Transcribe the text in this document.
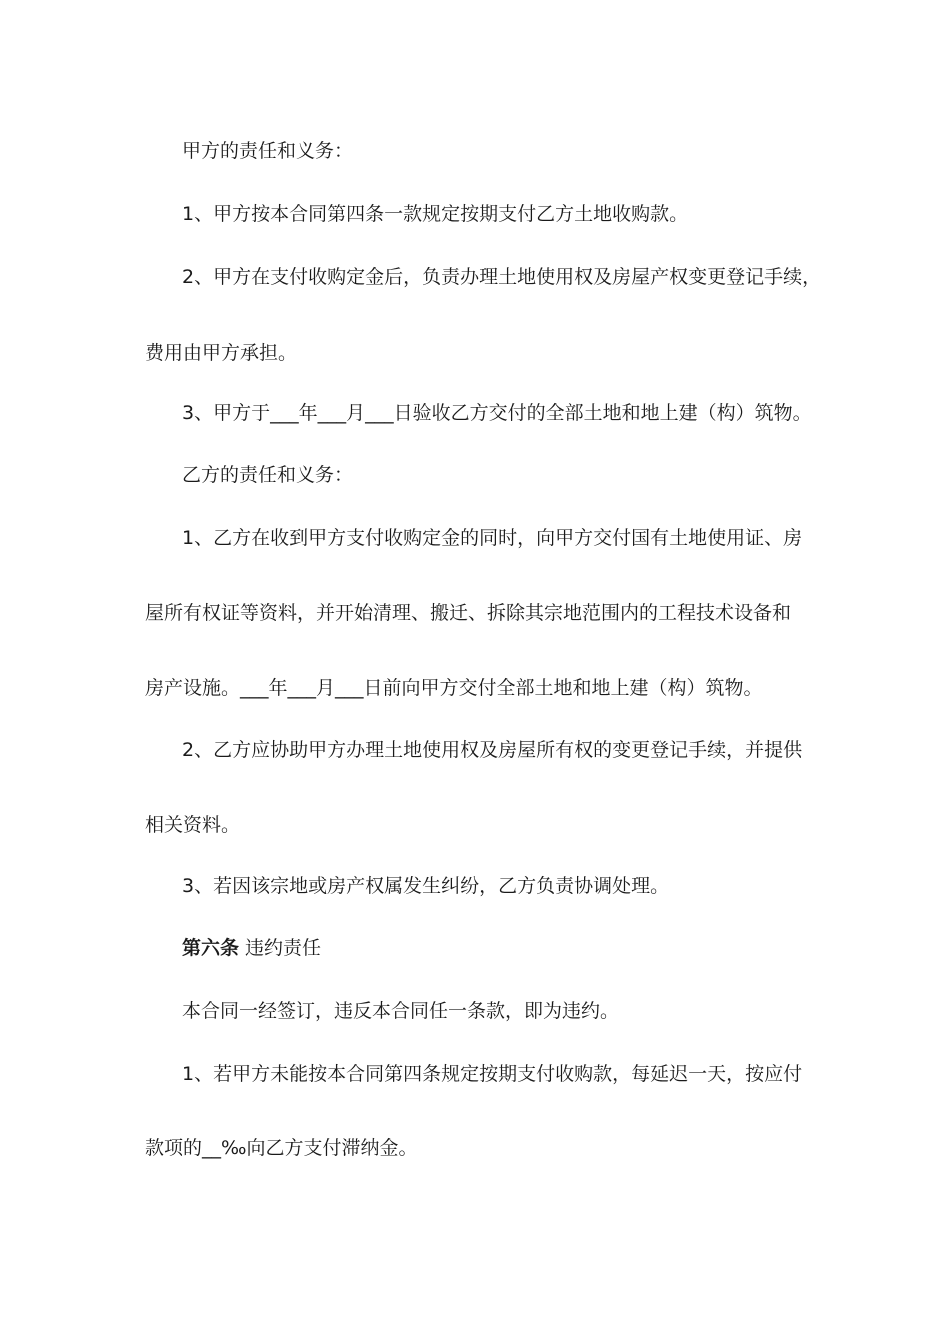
甲方的责任和义务：
1、甲方按本合同第四条一款规定按期支付乙方土地收购款。
2、甲方在支付收购定金后，负责办理土地使用权及房屋产权变更登记手续，
费用由甲方承担。
3、甲方于___年___月___日验收乙方交付的全部土地和地上建（构）筑物。
乙方的责任和义务：
1、乙方在收到甲方支付收购定金的同时，向甲方交付国有土地使用证、房
屋所有权证等资料，并开始清理、搬迁、拆除其宗地范围内的工程技术设备和
房产设施。___年___月___日前向甲方交付全部土地和地上建（构）筑物。
2、乙方应协助甲方办理土地使用权及房屋所有权的变更登记手续，并提供
相关资料。
3、若因该宗地或房产权属发生纠纷，乙方负责协调处理。
第六条 违约责任
本合同一经签订，违反本合同任一条款，即为违约。
1、若甲方未能按本合同第四条规定按期支付收购款，每延迟一天，按应付
款项的__‰向乙方支付滞纳金。
